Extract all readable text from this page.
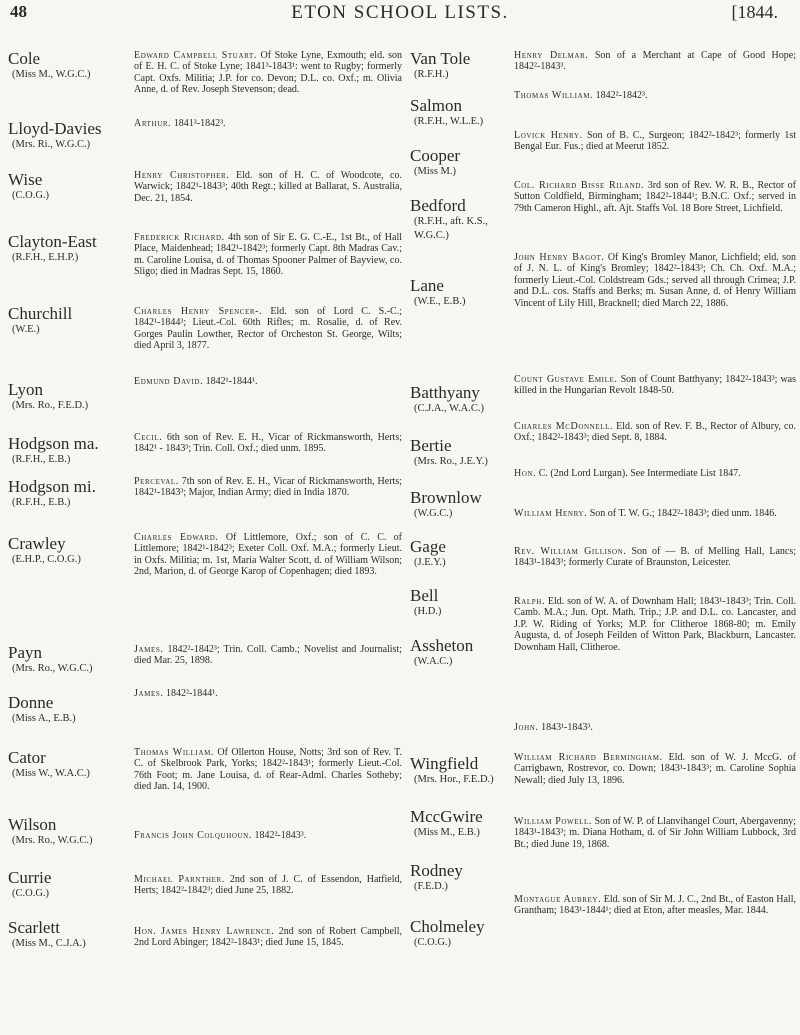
48	ETON SCHOOL LISTS.	[1844.
Cole
(Miss M., W.G.C.)
Lloyd-Davies
(Mrs. Ri., W.G.C.)
Wise
(C.O.G.)
Clayton-East
(R.F.H., E.H.P.)
Churchill
(W.E.)
Lyon
(Mrs. Ro., F.E.D.)
Hodgson ma.
(R.F.H., E.B.)
Hodgson mi.
(R.F.H., E.B.)
Crawley
(E.H.P., C.O.G.)
Payn
(Mrs. Ro., W.G.C.)
Donne
(Miss A., E.B.)
Cator
(Miss W., W.A.C.)
Wilson
(Mrs. Ro., W.G.C.)
Currie
(C.O.G.)
Scarlett
(Miss M., C.J.A.)
Edward Campbell Stuart. Of Stoke Lyne, Exmouth; eld. son of E. H. C. of Stoke Lyne; 1841³-1843¹: went to Rugby; formerly Capt. Oxfs. Militia; J.P. for co. Devon; D.L. co. Oxf.; m. Olivia Anne, d. of Rev. Joseph Stevenson; dead.
Arthur. 1841³-1842³.
Henry Christopher. Eld. son of H. C. of Woodcote, co. Warwick; 1842¹-1843³; 40th Regt.; killed at Ballarat, S. Australia, Dec. 21, 1854.
Frederick Richard. 4th son of Sir E. G. C.-E., 1st Bt., of Hall Place, Maidenhead; 1842¹-1842³; formerly Capt. 8th Madras Cav.; m. Caroline Louisa, d. of Thomas Spooner Palmer of Bayview, co. Sligo; died in Madras Sept. 15, 1860.
Charles Henry Spencer-. Eld. son of Lord C. S.-C.; 1842¹-1844³; Lieut.-Col. 60th Rifles; m. Rosalie, d. of Rev. Gorges Paulin Lowther, Rector of Orcheston St. George, Wilts; died April 3, 1877.
Edmund David. 1842¹-1844¹.
Cecil. 6th son of Rev. E. H., Vicar of Rickmansworth, Herts; 1842¹ - 1843³; Trin. Coll. Oxf.; died unm. 1895.
Perceval. 7th son of Rev. E. H., Vicar of Rickmansworth, Herts; 1842¹-1843³; Major, Indian Army; died in India 1870.
Charles Edward. Of Littlemore, Oxf.; son of C. C. of Littlemore; 1842¹-1842³; Exeter Coll. Oxf. M.A.; formerly Lieut. in Oxfs. Militia; m. 1st, Maria Walter Scott, d. of William Wilson; 2nd, Marion, d. of George Karop of Copenhagen; died 1893.
James. 1842²-1842³; Trin. Coll. Camb.; Novelist and Journalist; died Mar. 25, 1898.
James. 1842²-1844¹.
Thomas William. Of Ollerton House, Notts; 3rd son of Rev. T. C. of Skelbrook Park, Yorks; 1842²-1843¹; formerly Lieut.-Col. 76th Foot; m. Jane Louisa, d. of Rear-Adml. Charles Sotheby; died Jan. 14, 1900.
Francis John Colquhoun. 1842²-1843³.
Michael Parnther. 2nd son of J. C. of Essendon, Hatfield, Herts; 1842²-1842³; died June 25, 1882.
Hon. James Henry Lawrence. 2nd son of Robert Campbell, 2nd Lord Abinger; 1842²-1843¹; died June 15, 1845.
Van Tole
(R.F.H.)
Salmon
(R.F.H., W.L.E.)
Cooper
(Miss M.)
Bedford
(R.F.H., aft. K.S., W.G.C.)
Lane
(W.E., E.B.)
Batthyany
(C.J.A., W.A.C.)
Bertie
(Mrs. Ro., J.E.Y.)
Brownlow
(W.G.C.)
Gage
(J.E.Y.)
Bell
(H.D.)
Assheton
(W.A.C.)
Wingfield
(Mrs. Hor., F.E.D.)
MccGwire
(Miss M., E.B.)
Rodney
(F.E.D.)
Cholmeley
(C.O.G.)
Henry Delmar. Son of a Merchant at Cape of Good Hope; 1842²-1843³.
Thomas William. 1842²-1842³.
Lovick Henry. Son of B. C., Surgeon; 1842²-1842³; formerly 1st Bengal Eur. Fus.; died at Meerut 1852.
Col. Richard Bisse Riland. 3rd son of Rev. W. R. B., Rector of Sutton Coldfield, Birmingham; 1842²-1844¹; B.N.C. Oxf.; served in 79th Cameron Highl., aft. Ajt. Staffs Vol. 18 Bore Street, Lichfield.
John Henry Bagot. Of King's Bromley Manor, Lichfield; eld. son of J. N. L. of King's Bromley; 1842²-1843³; Ch. Ch. Oxf. M.A.; formerly Lieut.-Col. Coldstream Gds.; served all through Crimea; J.P. and D.L. cos. Staffs and Berks; m. Susan Anne, d. of Henry William Vincent of Lily Hill, Bracknell; died March 22, 1886.
Count Gustave Emile. Son of Count Batthyany; 1842²-1843³; was killed in the Hungarian Revolt 1848-50.
Charles McDonnell. Eld. son of Rev. F. B., Rector of Albury, co. Oxf.; 1842²-1843³; died Sept. 8, 1884.
Hon. C. (2nd Lord Lurgan). See Intermediate List 1847.
William Henry. Son of T. W. G.; 1842²-1843³; died unm. 1846.
Rev. William Gillison. Son of — B. of Melling Hall, Lancs; 1843¹-1843³; formerly Curate of Braunston, Leicester.
Ralph. Eld. son of W. A. of Downham Hall; 1843¹-1843³; Trin. Coll. Camb. M.A.; Jun. Opt. Math. Trip.; J.P. and D.L. co. Lancaster, and J.P. W. Riding of Yorks; M.P. for Clitheroe 1868-80; m. Emily Augusta, d. of Joseph Feilden of Witton Park, Blackburn, Lancaster. Downham Hall, Clitheroe.
John. 1843¹-1843³.
William Richard Bermingham. Eld. son of W. J. MccG. of Carrigbawn, Rostrevor, co. Down; 1843¹-1843³; m. Caroline Sophia Newall; died July 13, 1896.
William Powell. Son of W. P. of Llanvihangel Court, Abergavenny; 1843¹-1843³; m. Diana Hotham, d. of Sir John William Lubbock, 3rd Bt.; died June 19, 1868.
Montague Aubrey. Eld. son of Sir M. J. C., 2nd Bt., of Easton Hall, Grantham; 1843¹-1844¹; died at Eton, after measles, Mar. 1844.
